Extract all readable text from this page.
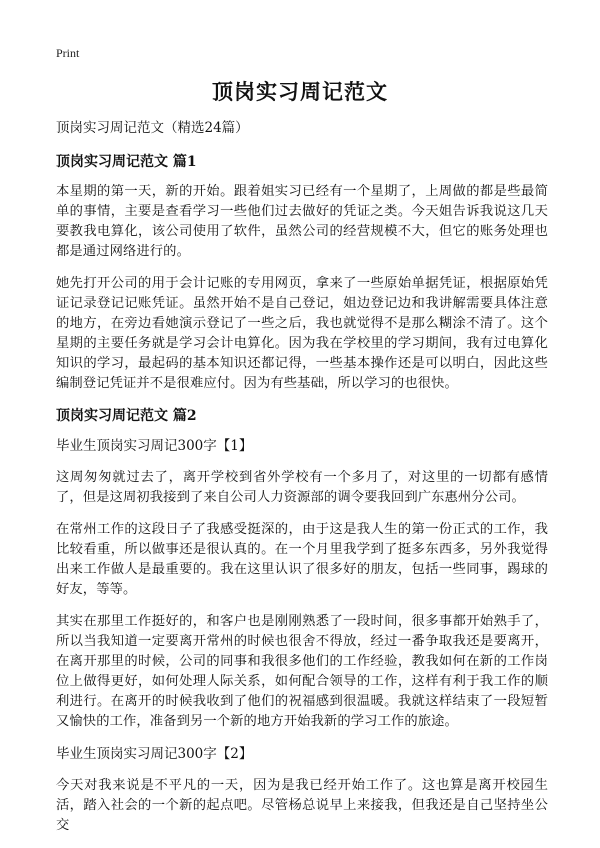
Print
顶岗实习周记范文
顶岗实习周记范文（精选24篇）
顶岗实习周记范文 篇1

本星期的第一天，新的开始。跟着姐实习已经有一个星期了，上周做的都是些最简单的事情，主要是查看学习一些他们过去做好的凭证之类。今天姐告诉我说这几天要教我电算化，该公司使用了软件，虽然公司的经营规模不大，但它的账务处理也都是通过网络进行的。

她先打开公司的用于会计记账的专用网页，拿来了一些原始单据凭证，根据原始凭证记录登记记账凭证。虽然开始不是自己登记，姐边登记边和我讲解需要具体注意的地方，在旁边看她演示登记了一些之后，我也就觉得不是那么糊涂不清了。这个星期的主要任务就是学习会计电算化。因为我在学校里的学习期间，我有过电算化知识的学习，最起码的基本知识还都记得，一些基本操作还是可以明白，因此这些编制登记凭证并不是很难应付。因为有些基础，所以学习的也很快。

顶岗实习周记范文 篇2
毕业生顶岗实习周记300字【1】

这周匆匆就过去了，离开学校到省外学校有一个多月了，对这里的一切都有感情了，但是这周初我接到了来自公司人力资源部的调令要我回到广东惠州分公司。

在常州工作的这段日子了我感受挺深的，由于这是我人生的第一份正式的工作，我比较看重，所以做事还是很认真的。在一个月里我学到了挺多东西多，另外我觉得出来工作做人是最重要的。我在这里认识了很多好的朋友，包括一些同事，踢球的好友，等等。

其实在那里工作挺好的，和客户也是刚刚熟悉了一段时间，很多事都开始熟手了，所以当我知道一定要离开常州的时候也很舍不得放，经过一番争取我还是要离开，在离开那里的时候，公司的同事和我很多他们的工作经验，教我如何在新的工作岗位上做得更好，如何处理人际关系，如何配合领导的工作，这样有利于我工作的顺利进行。在离开的时候我收到了他们的祝福感到很温暖。我就这样结束了一段短暂又愉快的工作，准备到另一个新的地方开始我新的学习工作的旅途。

毕业生顶岗实习周记300字【2】

今天对我来说是不平凡的一天，因为是我已经开始工作了。这也算是离开校园生活，踏入社会的一个新的起点吧。尽管杨总说早上来接我，但我还是自己坚持坐公交
